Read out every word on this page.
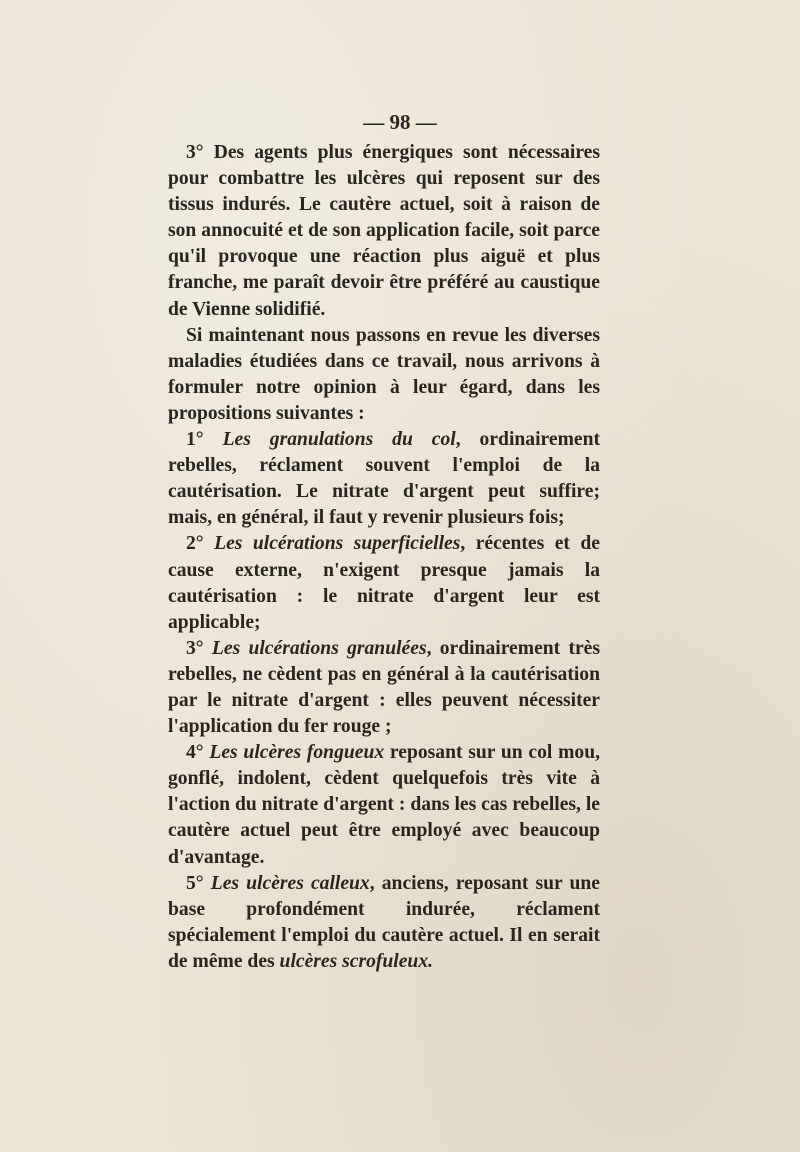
— 98 —

3° Des agents plus énergiques sont nécessaires pour combattre les ulcères qui reposent sur des tissus indurés. Le cautère actuel, soit à raison de son annocuité et de son application facile, soit parce qu'il provoque une réaction plus aiguë et plus franche, me paraît devoir être préféré au caustique de Vienne solidifié.

Si maintenant nous passons en revue les diverses maladies étudiées dans ce travail, nous arrivons à formuler notre opinion à leur égard, dans les propositions suivantes :

1° Les granulations du col, ordinairement rebelles, réclament souvent l'emploi de la cautérisation. Le nitrate d'argent peut suffire; mais, en général, il faut y revenir plusieurs fois;

2° Les ulcérations superficielles, récentes et de cause externe, n'exigent presque jamais la cautérisation : le nitrate d'argent leur est applicable;

3° Les ulcérations granulées, ordinairement très rebelles, ne cèdent pas en général à la cautérisation par le nitrate d'argent : elles peuvent nécessiter l'application du fer rouge ;

4° Les ulcères fongueux reposant sur un col mou, gonflé, indolent, cèdent quelquefois très vite à l'action du nitrate d'argent : dans les cas rebelles, le cautère actuel peut être employé avec beaucoup d'avantage.

5° Les ulcères calleux, anciens, reposant sur une base profondément indurée, réclament spécialement l'emploi du cautère actuel. Il en serait de même des ulcères scrofuleux.
